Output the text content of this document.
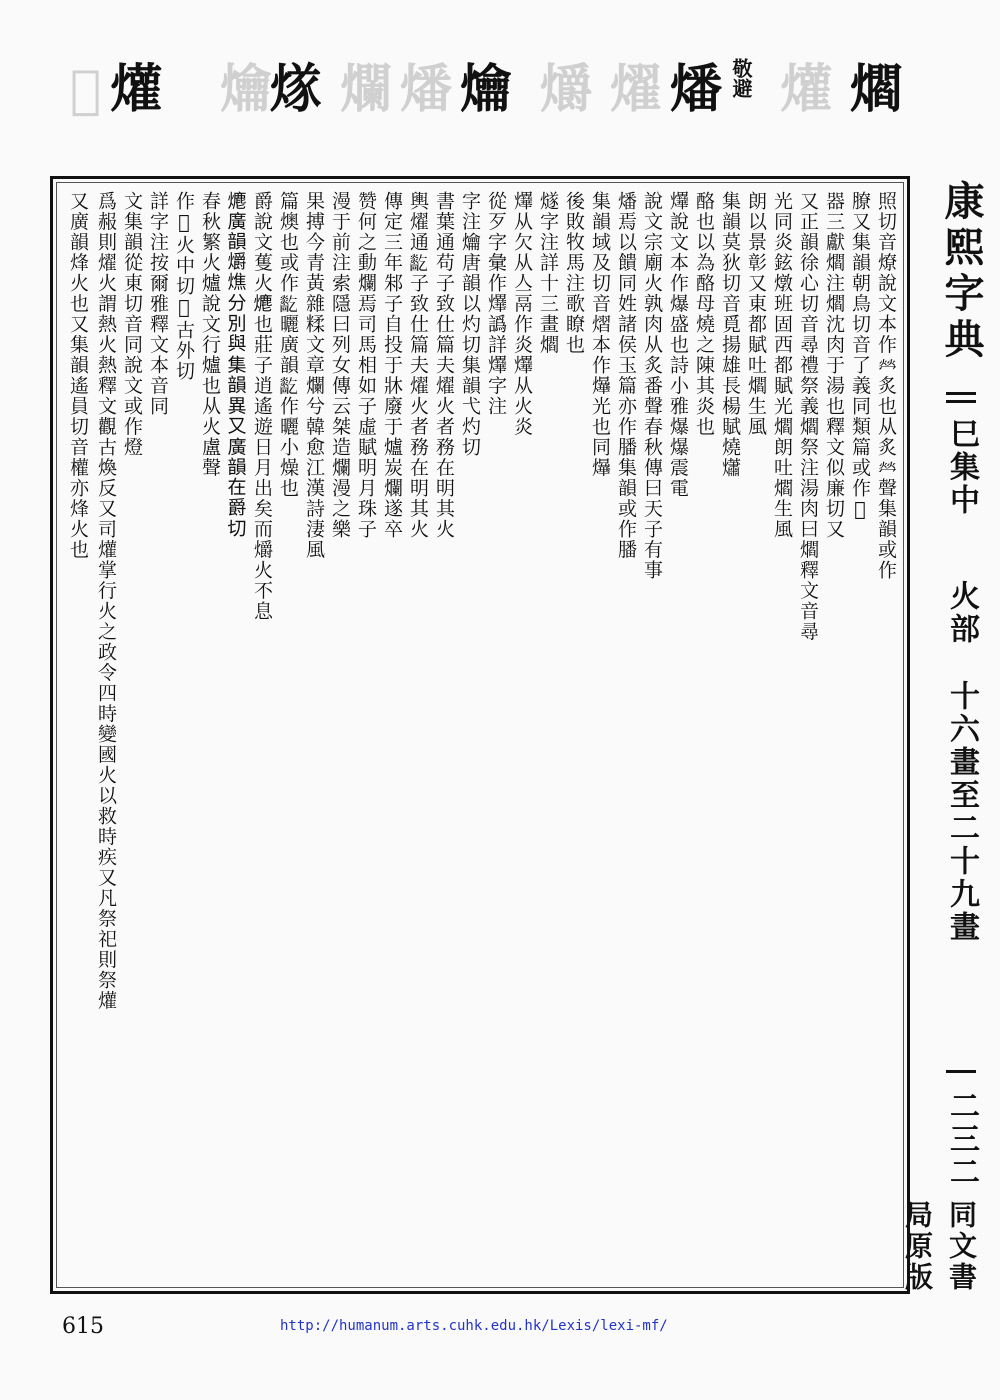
𤑰 爟 爚 煫 爛 燔 爚 爝 燿 燔 敬避 爟 爓
照切音燎說文本作𤇾炙也从炙𤇾聲集韻或作
膫又集韻朝鳥切音了義同類篇或作𤒙
器三獻爓注爓沈肉于湯也釋文似廉切又
又正韻徐心切音尋禮祭義爓祭注湯肉曰爓釋文音尋
光同炎鉉燉班固西都賦光爓朗吐爓生風
朗以景彰又東都賦吐爓生風
集韻莫狄切音覓揚雄長楊賦燒𤑳
酪也以為酪母燒之陳其炎也
𤒹說文本作爆盛也詩小雅爆爆震電
說文宗廟火孰肉从炙番聲春秋傳曰天子有事
燔焉以饋同姓諸侯玉篇亦作膰集韻或作膰
集韻域及切音熠本作爗光也同爗
後敗牧馬注歌瞭也
燧字注詳十三畫爓
𤒹从欠从亼鬲作炎𤒹从火炎
從歹字彙作𤒹譌詳𤒹字注
字注爚唐韻以灼切集韻弋灼切
書葉通苟子致仕篇夫燿火者務在明其火
輿燿通𤑓子致仕篇夫燿火者務在明其火
傳定三年邾子自投于牀廢于爐炭爛遂卒
赞何之動爛焉司馬相如子虛賦明月珠子
漫于前注索隱曰列女傳云桀造爛漫之樂
果搏今青黃雜糅文章爛兮韓愈江漢詩淒風
篇燠也或作𤑓曬廣韻𤑓作曬小燥也
爵說文蒦火𤏶也莊子逍遙遊日月出矣而爝火不息
𤏶廣韻爝燋分別與集韻異又廣韻在爵切
春秋繁火爐說文行爐也从火盧聲
作𤑰火中切𤐀古外切
詳字注按爾雅釋文本音同
文集韻從東切音同說文或作燈
爲赧則燿火謂熱火熱釋文觀古煥反又司爟掌行火之政令四時變國火以救時疾又凡祭祀則祭爟
又廣韻烽火也又集韻遙員切音權亦烽火也	康熙字典
巳集中
火部
十六畫至二十九畫
二三二
同文書局原版
615	http://humanum.arts.cuhk.edu.hk/Lexis/lexi-mf/
